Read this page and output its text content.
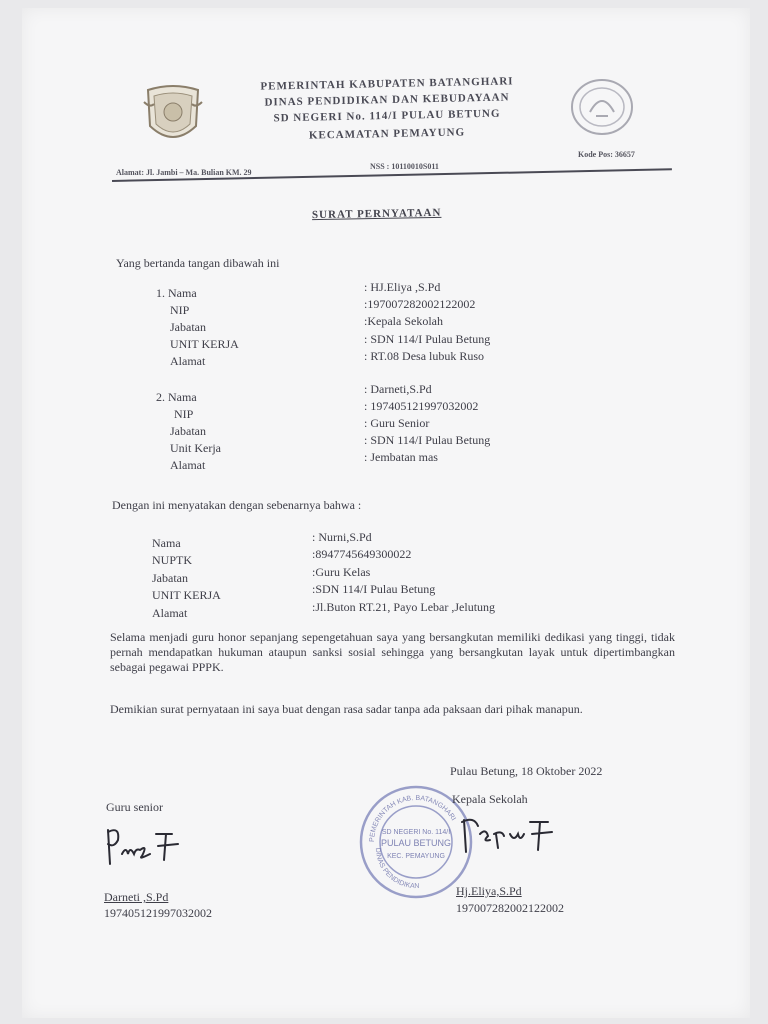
PEMERINTAH KABUPATEN BATANGHARI
DINAS PENDIDIKAN DAN KEBUDAYAAN
SD NEGERI No. 114/I PULAU BETUNG
KECAMATAN PEMAYUNG
Alamat: Jl. Jambi – Ma. Bulian KM. 29
NSS : 10110010S011
Kode Pos: 36657
SURAT PERNYATAAN
Yang bertanda tangan dibawah ini
1. Nama
NIP
Jabatan
UNIT KERJA
Alamat
: HJ.Eliya ,S.Pd
:197007282002122002
:Kepala Sekolah
: SDN 114/I Pulau Betung
: RT.08 Desa lubuk Ruso
2. Nama
NIP
Jabatan
Unit Kerja
Alamat
: Darneti,S.Pd
: 197405121997032002
: Guru Senior
: SDN 114/I Pulau Betung
: Jembatan mas
Dengan ini menyatakan dengan sebenarnya bahwa :
Nama
NUPTK
Jabatan
UNIT KERJA
Alamat
: Nurni,S.Pd
:8947745649300022
:Guru Kelas
:SDN 114/I Pulau Betung
:Jl.Buton RT.21, Payo Lebar ,Jelutung
Selama menjadi guru honor sepanjang sepengetahuan saya yang bersangkutan memiliki dedikasi yang tinggi, tidak pernah mendapatkan hukuman ataupun sanksi sosial sehingga yang bersangkutan layak untuk dipertimbangkan sebagai pegawai PPPK.
Demikian surat pernyataan ini saya buat dengan rasa sadar tanpa ada paksaan dari pihak manapun.
Pulau Betung, 18 Oktober 2022
Guru senior
Darneti ,S.Pd
197405121997032002
PEMERINTAH KAB. BATANGHARI
DINAS PENDIDIKAN
SD NEGERI No. 114/I
PULAU BETUNG
KEC. PEMAYUNG
Kepala Sekolah
Hj.Eliya,S.Pd
197007282002122002
